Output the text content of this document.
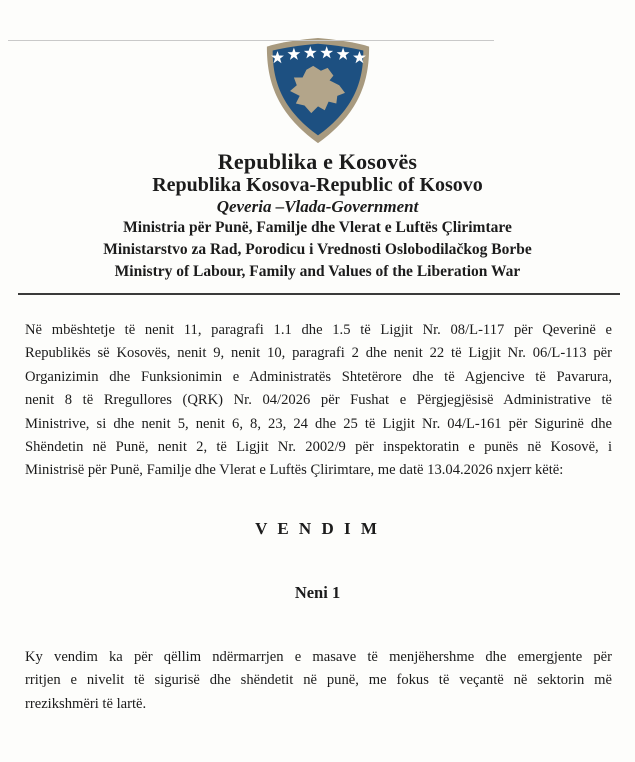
Republika e Kosovës
Republika Kosova-Republic of Kosovo
Qeveria –Vlada-Government
Ministria për Punë, Familje dhe Vlerat e Luftës Çlirimtare
Ministarstvo za Rad, Porodicu i Vrednosti Oslobodilačkog Borbe
Ministry of Labour, Family and Values of the Liberation War

Në mbështetje të nenit 11, paragrafi 1.1 dhe 1.5 të Ligjit Nr. 08/L-117 për Qeverinë e
Republikës së Kosovës, nenit 9, nenit 10, paragrafi 2 dhe nenit 22 të Ligjit Nr. 06/L-113 për
Organizimin dhe Funksionimin e Administratës Shtetërore dhe të Agjencive të Pavarura,
nenit 8 të Rregullores (QRK) Nr. 04/2026 për Fushat e Përgjegjësisë Administrative të
Ministrive, si dhe nenit 5, nenit 6, 8, 23, 24 dhe 25 të Ligjit Nr. 04/L-161 për Sigurinë dhe
Shëndetin në Punë, nenit 2, të Ligjit Nr. 2002/9 për inspektoratin e punës në Kosovë, i
Ministrisë për Punë, Familje dhe Vlerat e Luftës Çlirimtare, me datë 13.04.2026 nxjerr këtë:

V E N D I M
Neni 1

Ky vendim ka për qëllim ndërmarrjen e masave të menjëhershme dhe emergjente për
rritjen e nivelit të sigurisë dhe shëndetit në punë, me fokus të veçantë në sektorin më
rrezikshmëri të lartë.
